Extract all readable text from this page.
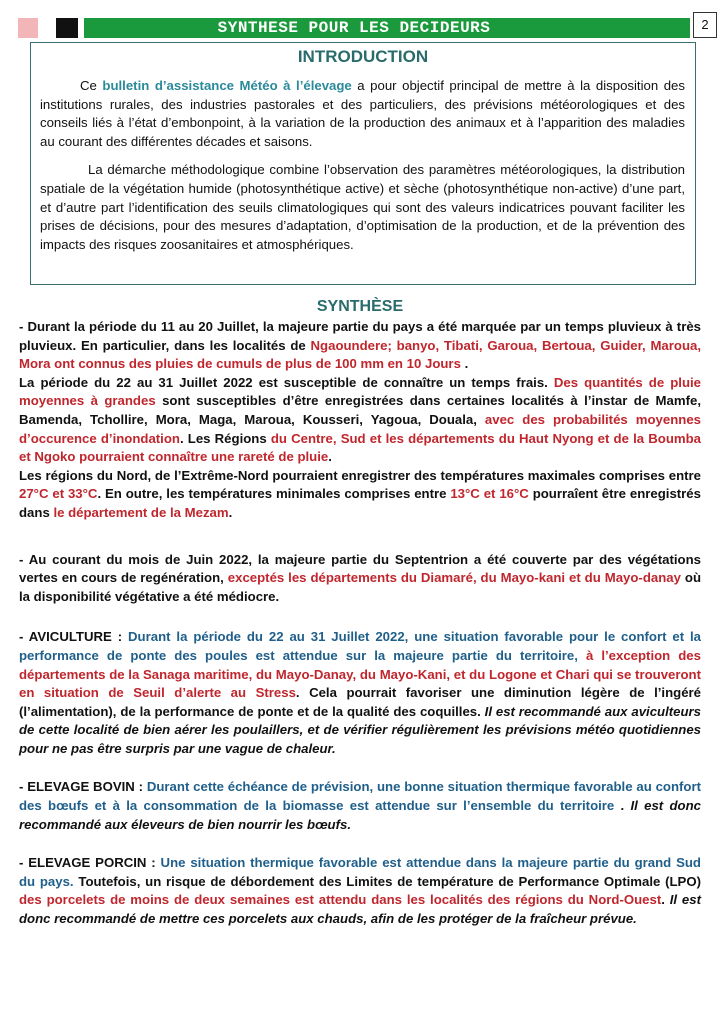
SYNTHESE POUR LES DECIDEURS	2
INTRODUCTION

Ce bulletin d’assistance Météo à l’élevage a pour objectif principal de mettre à la disposition des institutions rurales, des industries pastorales et des particuliers, des prévisions météorologiques et des conseils liés à l’état d’embonpoint, à la variation de la production des animaux et à l’apparition des maladies au courant des différentes décades et saisons.

La démarche méthodologique combine l’observation des paramètres météorologiques, la distribution spatiale de la végétation humide (photosynthétique active) et sèche (photosynthétique non-active) d’une part, et d’autre part l’identification des seuils climatologiques qui sont des valeurs indicatrices pouvant faciliter les prises de décisions, pour des mesures d’adaptation, d’optimisation de la production, et de la prévention des impacts des risques zoosanitaires et atmosphériques.

SYNTHÈSE

- Durant la période du 11 au 20 Juillet, la majeure partie du pays a été marquée par un temps pluvieux à très pluvieux. En particulier, dans les localités de Ngaoundere; banyo, Tibati, Garoua, Bertoua, Guider, Maroua, Mora ont connus des pluies de cumuls de plus de 100 mm en 10 Jours .
La période du 22 au 31 Juillet 2022 est susceptible de connaître un temps frais. Des quantités de pluie moyennes à grandes sont susceptibles d’être enregistrées dans certaines localités à l’instar de Mamfe, Bamenda, Tchollire, Mora, Maga, Maroua, Kousseri, Yagoua, Douala, avec des probabilités moyennes d’occurence d’inondation. Les Régions du Centre, Sud et les départements du Haut Nyong et de la Boumba et Ngoko pourraient connaître une rareté de pluie.
Les régions du Nord, de l’Extrême-Nord pourraient enregistrer des températures maximales comprises entre 27°C et 33°C. En outre, les températures minimales comprises entre 13°C et 16°C pourraîent être enregistrés dans le département de la Mezam.

- Au courant du mois de Juin 2022, la majeure partie du Septentrion a été couverte par des végétations vertes en cours de regénération, exceptés les départements du Diamaré, du Mayo-kani et du Mayo-danay où la disponibilité végétative a été médiocre.

- AVICULTURE : Durant la période du 22 au 31 Juillet 2022, une situation favorable pour le confort et la performance de ponte des poules est attendue sur la majeure partie du territoire, à l’exception des départements de la Sanaga maritime, du Mayo-Danay, du Mayo-Kani, et du Logone et Chari qui se trouveront en situation de Seuil d’alerte au Stress. Cela pourrait favoriser une diminution légère de l’ingéré (l’alimentation), de la performance de ponte et de la qualité des coquilles. Il est recommandé aux aviculteurs de cette localité de bien aérer les poulaillers, et de vérifier régulièrement les prévisions météo quotidiennes pour ne pas être surpris par une vague de chaleur.

- ELEVAGE BOVIN : Durant cette échéance de prévision, une bonne situation thermique favorable au confort des bœufs et à la consommation de la biomasse est attendue sur l’ensemble du territoire . Il est donc recommandé aux éleveurs de bien nourrir les bœufs.

- ELEVAGE PORCIN : Une situation thermique favorable est attendue dans la majeure partie du grand Sud du pays. Toutefois, un risque de débordement des Limites de température de Performance Optimale (LPO) des porcelets de moins de deux semaines est attendu dans les localités des régions du Nord-Ouest. Il est donc recommandé de mettre ces porcelets aux chauds, afin de les protéger de la fraîcheur prévue.
